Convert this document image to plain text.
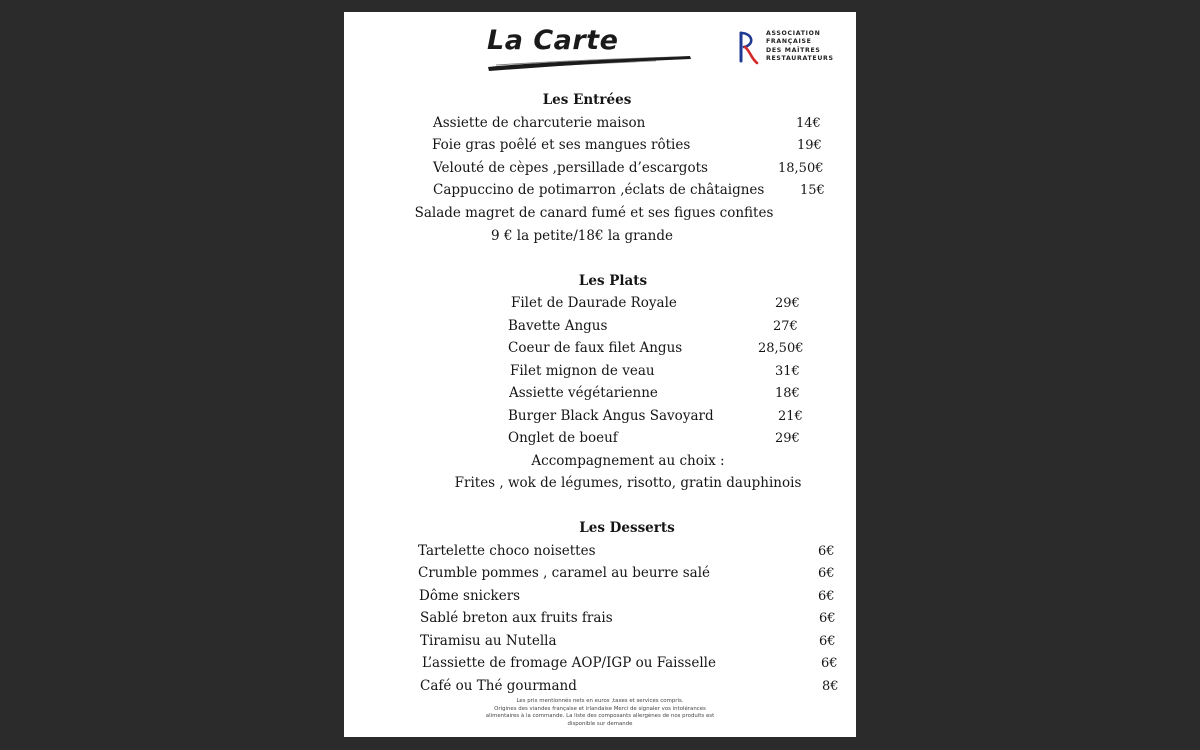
La Carte	ASSOCIATION
FRANÇAISE
DES MAÎTRES
RESTAURATEURS
Les Entrées
Assiette de charcuterie maison	14€
Foie gras poêlé et ses mangues rôties	19€
Velouté de cèpes ,persillade d’escargots	18,50€
Cappuccino de potimarron ,éclats de châtaignes	15€
Salade magret de canard fumé et ses figues confites
9 € la petite/18€ la grande
Les Plats
Filet de Daurade Royale	29€
Bavette Angus	27€
Coeur de faux filet Angus	28,50€
Filet mignon de veau	31€
Assiette végétarienne	18€
Burger Black Angus Savoyard	21€
Onglet de boeuf	29€
Accompagnement au choix :
Frites , wok de légumes, risotto, gratin dauphinois
Les Desserts
Tartelette choco noisettes	6€
Crumble pommes , caramel au beurre salé	6€
Dôme snickers	6€
Sablé breton aux fruits frais	6€
Tiramisu au Nutella	6€
L’assiette de fromage AOP/IGP ou Faisselle	6€
Café ou Thé gourmand	8€
Les prix mentionnés nets en euros ,taxes et services compris.
Origines des viandes française et irlandaise Merci de signaler vos intolérances
alimentaires à la commande. La liste des composants allergènes de nos produits est
disponible sur demande
